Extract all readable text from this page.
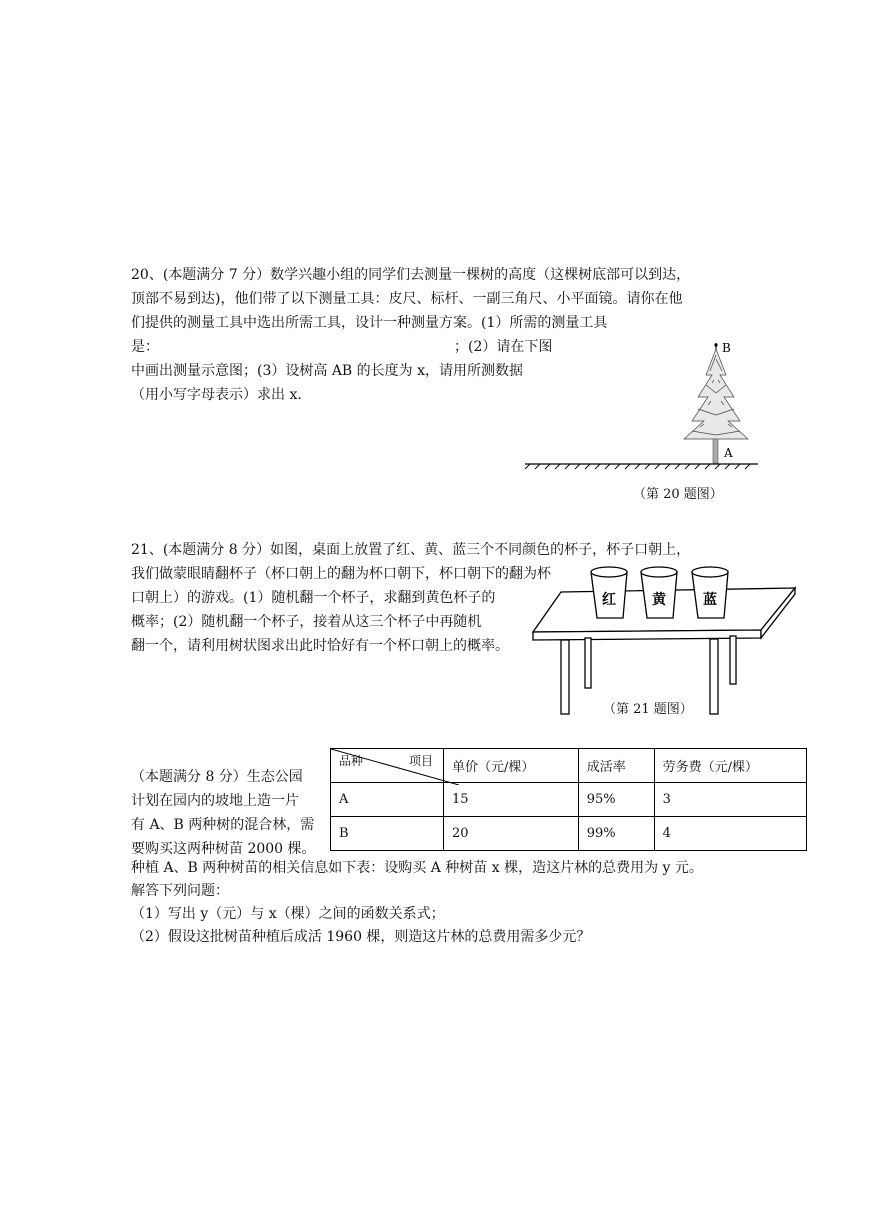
20、(本题满分 7 分）数学兴趣小组的同学们去测量一棵树的高度（这棵树底部可以到达，
顶部不易到达)，他们带了以下测量工具：皮尺、标杆、一副三角尺、小平面镜。请你在他
们提供的测量工具中选出所需工具，设计一种测量方案。(1）所需的测量工具
是：	；(2）请在下图
中画出测量示意图；(3）设树高 AB 的长度为 x，请用所测数据
（用小写字母表示）求出 x.
B
A
（第 20 题图）
21、(本题满分 8 分）如图，桌面上放置了红、黄、蓝三个不同颜色的杯子，杯子口朝上，
我们做蒙眼睛翻杯子（杯口朝上的翻为杯口朝下，杯口朝下的翻为杯
口朝上）的游戏。(1）随机翻一个杯子，求翻到黄色杯子的
概率；(2）随机翻一个杯子，接着从这三个杯子中再随机
翻一个，请利用树状图求出此时恰好有一个杯口朝上的概率。
红	黄	蓝
（第 21 题图）
（本题满分 8 分）生态公园
计划在园内的坡地上造一片
有 A、B 两种树的混合林，需
要购买这两种树苗 2000 棵。
品种 项目	单价（元/棵）	成活率	劳务费（元/棵）
A	15	95%	3
B	20	99%	4
种植 A、B 两种树苗的相关信息如下表：设购买 A 种树苗 x 棵，造这片林的总费用为 y 元。
解答下列问题：
（1）写出 y（元）与 x（棵）之间的函数关系式；
（2）假设这批树苗种植后成活 1960 棵，则造这片林的总费用需多少元？
